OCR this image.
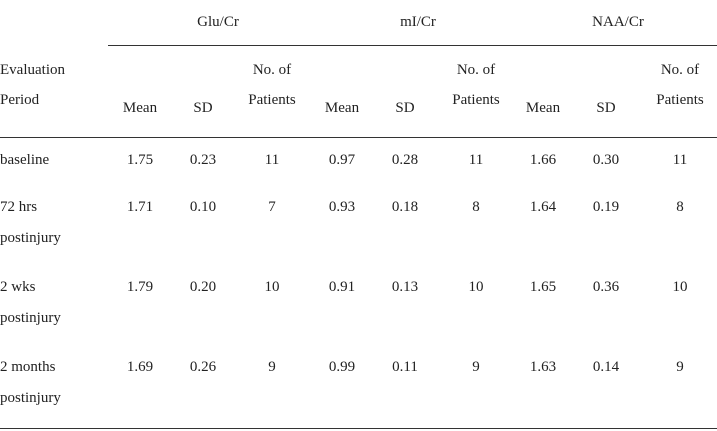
Glu/Cr	mI/Cr	NAA/Cr
Evaluation
Period	Mean SD
No. of
Patients Mean SD
No. of
Patients Mean SD
No. of
Patients
baseline	1.75 0.23	11	0.97 0.28	11	1.66 0.30	11
72 hrs
postinjury
1.71 0.10	7	0.93 0.18	8	1.64 0.19	8
2 wks
postinjury
1.79 0.20	10	0.91 0.13	10	1.65 0.36	10
2 months
postinjury
1.69 0.26	9	0.99 0.11	9	1.63 0.14	9
